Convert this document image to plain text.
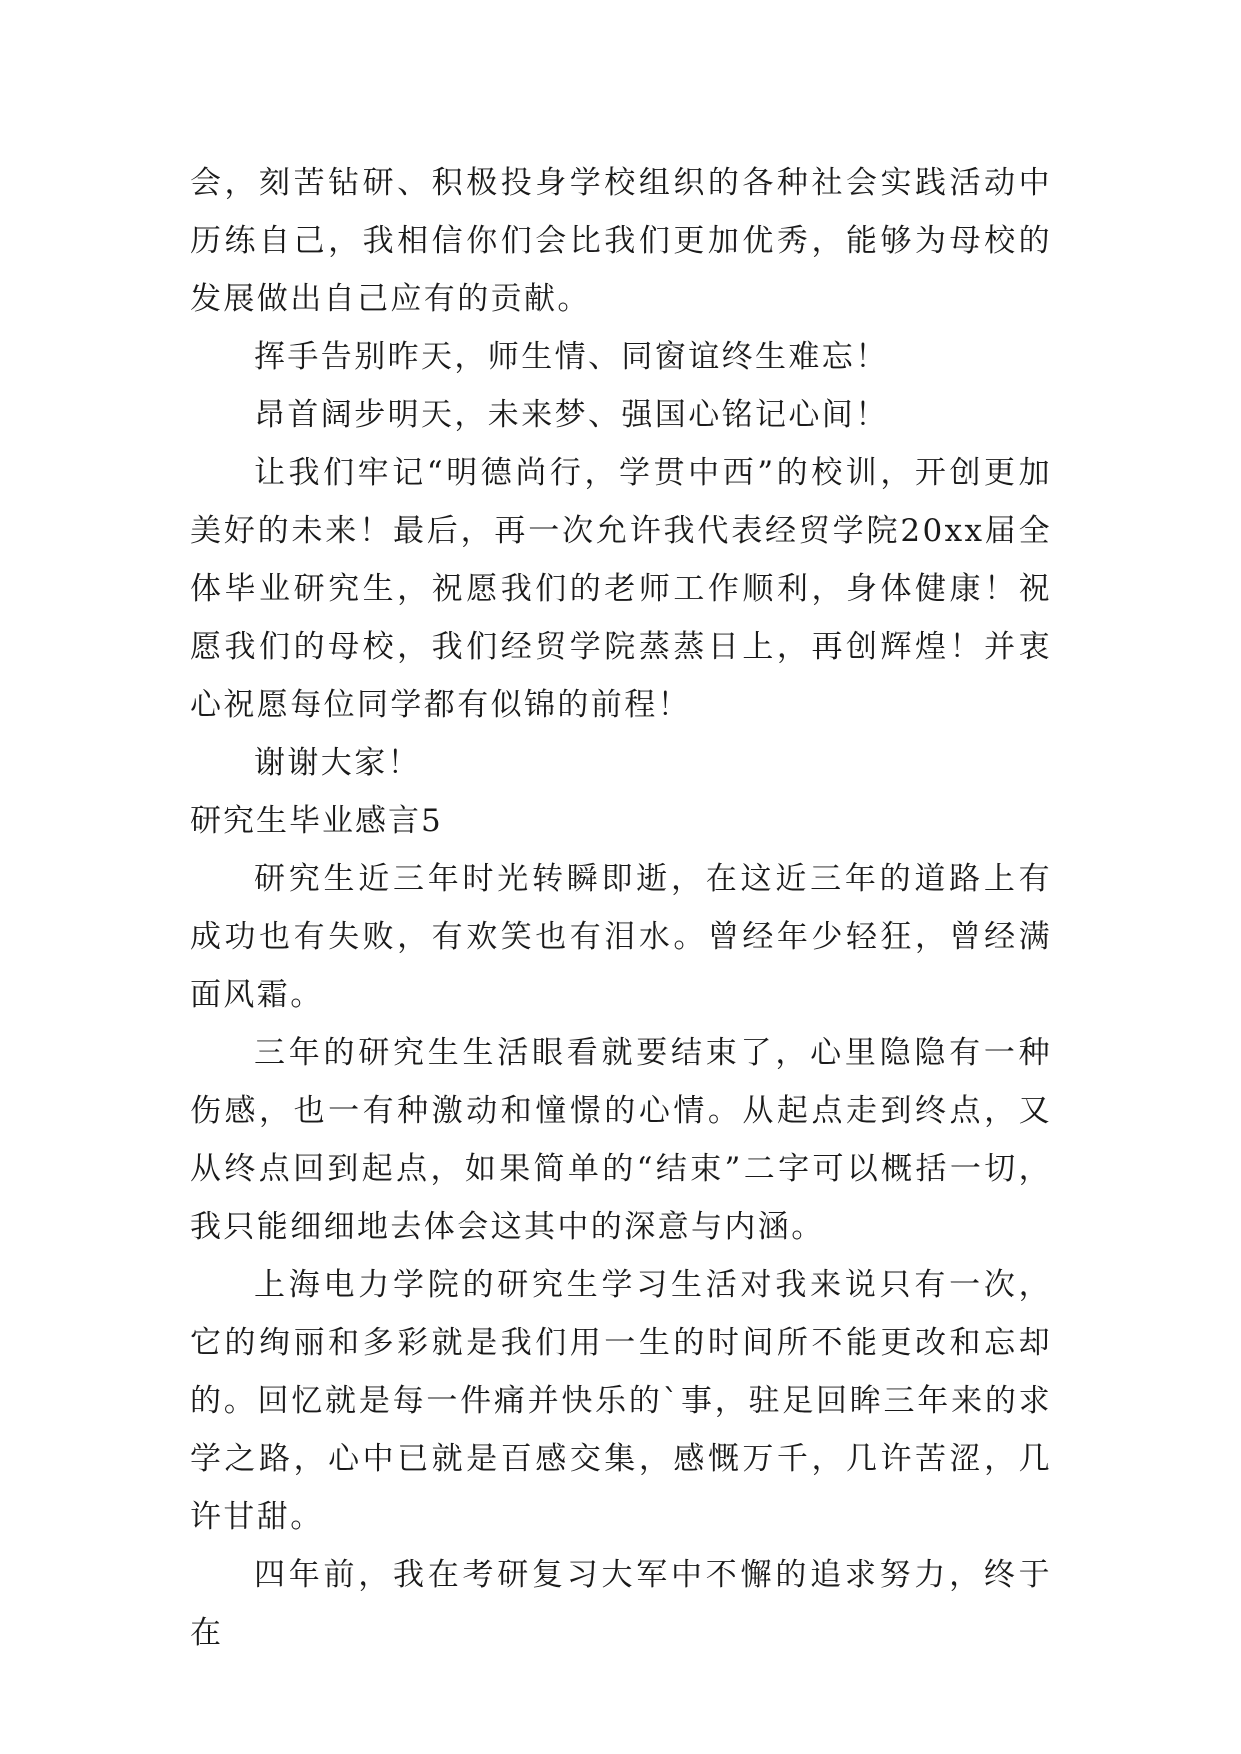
会，刻苦钻研、积极投身学校组织的各种社会实践活动中历练自己，我相信你们会比我们更加优秀，能够为母校的发展做出自己应有的贡献。

挥手告别昨天，师生情、同窗谊终生难忘！

昂首阔步明天，未来梦、强国心铭记心间！

让我们牢记“明德尚行，学贯中西”的校训，开创更加美好的未来！最后，再一次允许我代表经贸学院20xx届全体毕业研究生，祝愿我们的老师工作顺利，身体健康！祝愿我们的母校，我们经贸学院蒸蒸日上，再创辉煌！并衷心祝愿每位同学都有似锦的前程！

谢谢大家！

研究生毕业感言5

研究生近三年时光转瞬即逝，在这近三年的道路上有成功也有失败，有欢笑也有泪水。曾经年少轻狂，曾经满面风霜。

三年的研究生生活眼看就要结束了，心里隐隐有一种伤感，也一有种激动和憧憬的心情。从起点走到终点，又从终点回到起点，如果简单的“结束”二字可以概括一切，我只能细细地去体会这其中的深意与内涵。

上海电力学院的研究生学习生活对我来说只有一次，它的绚丽和多彩就是我们用一生的时间所不能更改和忘却的。回忆就是每一件痛并快乐的`事，驻足回眸三年来的求学之路，心中已就是百感交集，感慨万千，几许苦涩，几许甘甜。

四年前，我在考研复习大军中不懈的追求努力，终于在
